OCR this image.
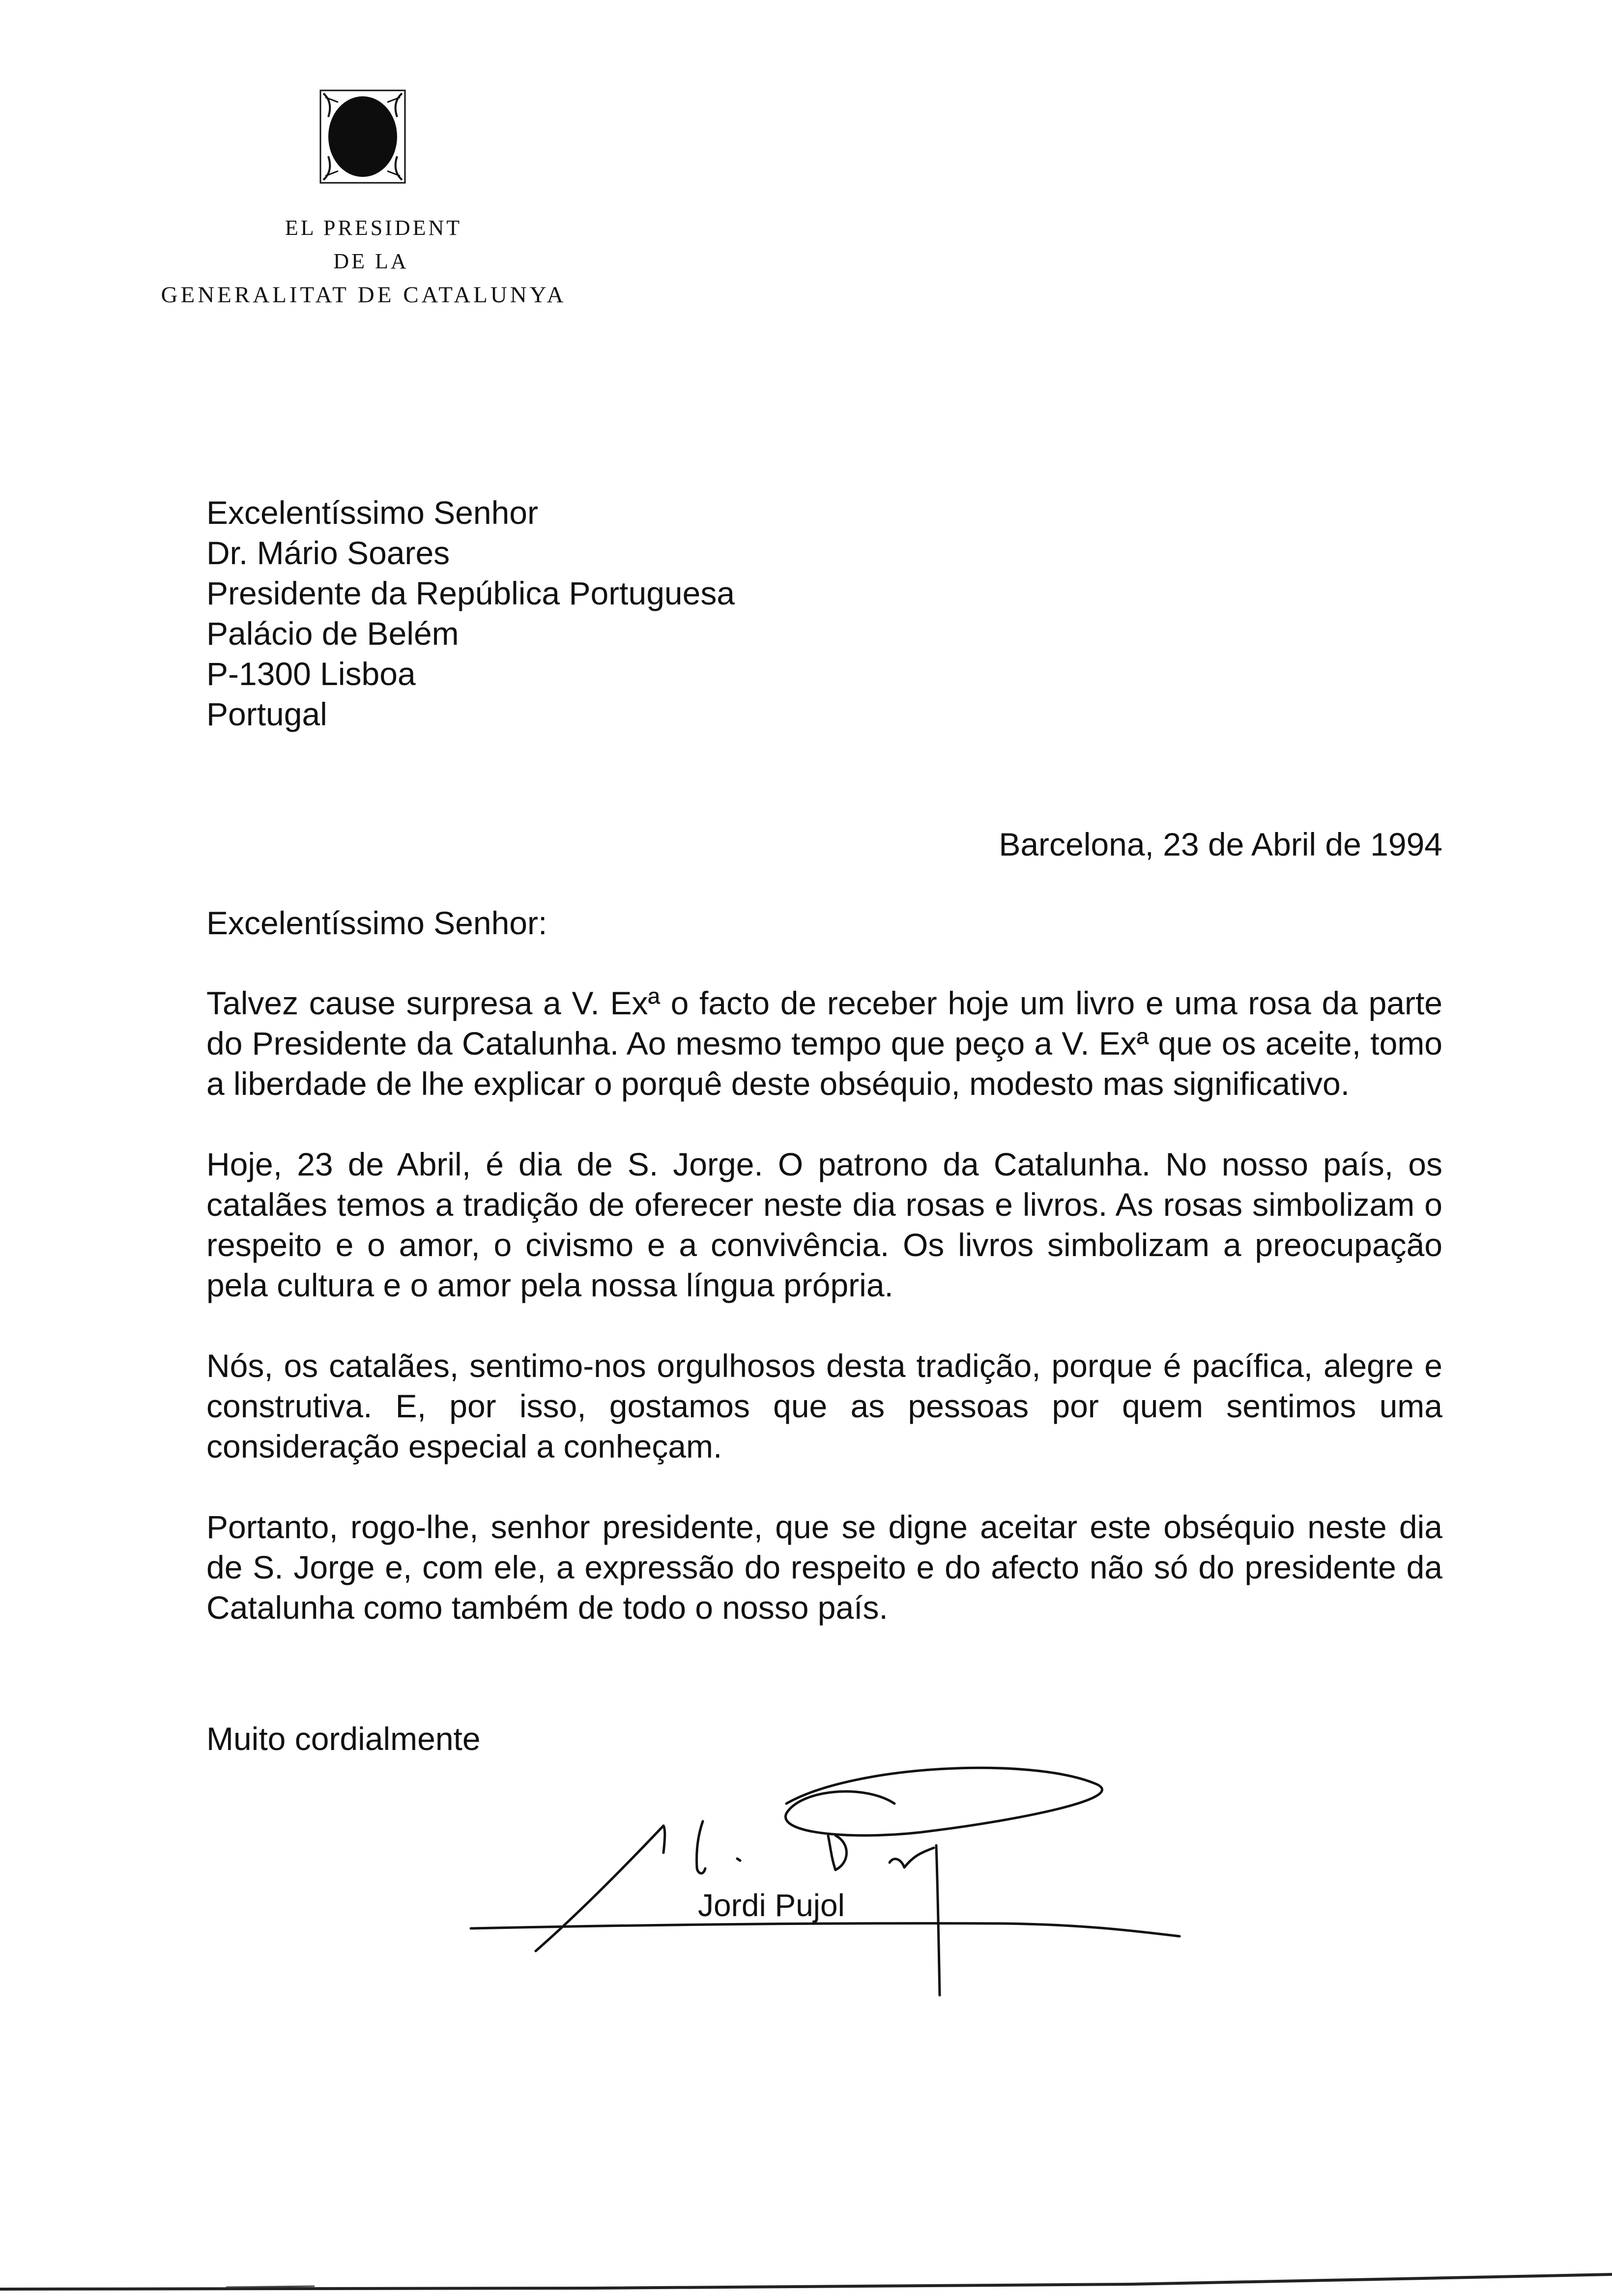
EL PRESIDENT
DE LA
GENERALITAT DE CATALUNYA
Excelentíssimo Senhor
Dr. Mário Soares
Presidente da República Portuguesa
Palácio de Belém
P-1300 Lisboa
Portugal
Barcelona, 23 de Abril de 1994
Excelentíssimo Senhor:

Talvez cause surpresa a V. Exª o facto de receber hoje um livro e uma rosa da parte do Presidente da Catalunha. Ao mesmo tempo que peço a V. Exª que os aceite, tomo a liberdade de lhe explicar o porquê deste obséquio, modesto mas significativo.

Hoje, 23 de Abril, é dia de S. Jorge. O patrono da Catalunha. No nosso país, os catalães temos a tradição de oferecer neste dia rosas e livros. As rosas simbolizam o respeito e o amor, o civismo e a convivência. Os livros simbolizam a preocupação pela cultura e o amor pela nossa língua própria.

Nós, os catalães, sentimo-nos orgulhosos desta tradição, porque é pacífica, alegre e construtiva. E, por isso, gostamos que as pessoas por quem sentimos uma consideração especial a conheçam.

Portanto, rogo-lhe, senhor presidente, que se digne aceitar este obséquio neste dia de S. Jorge e, com ele, a expressão do respeito e do afecto não só do presidente da Catalunha como também de todo o nosso país.

Muito cordialmente
Jordi Pujol
